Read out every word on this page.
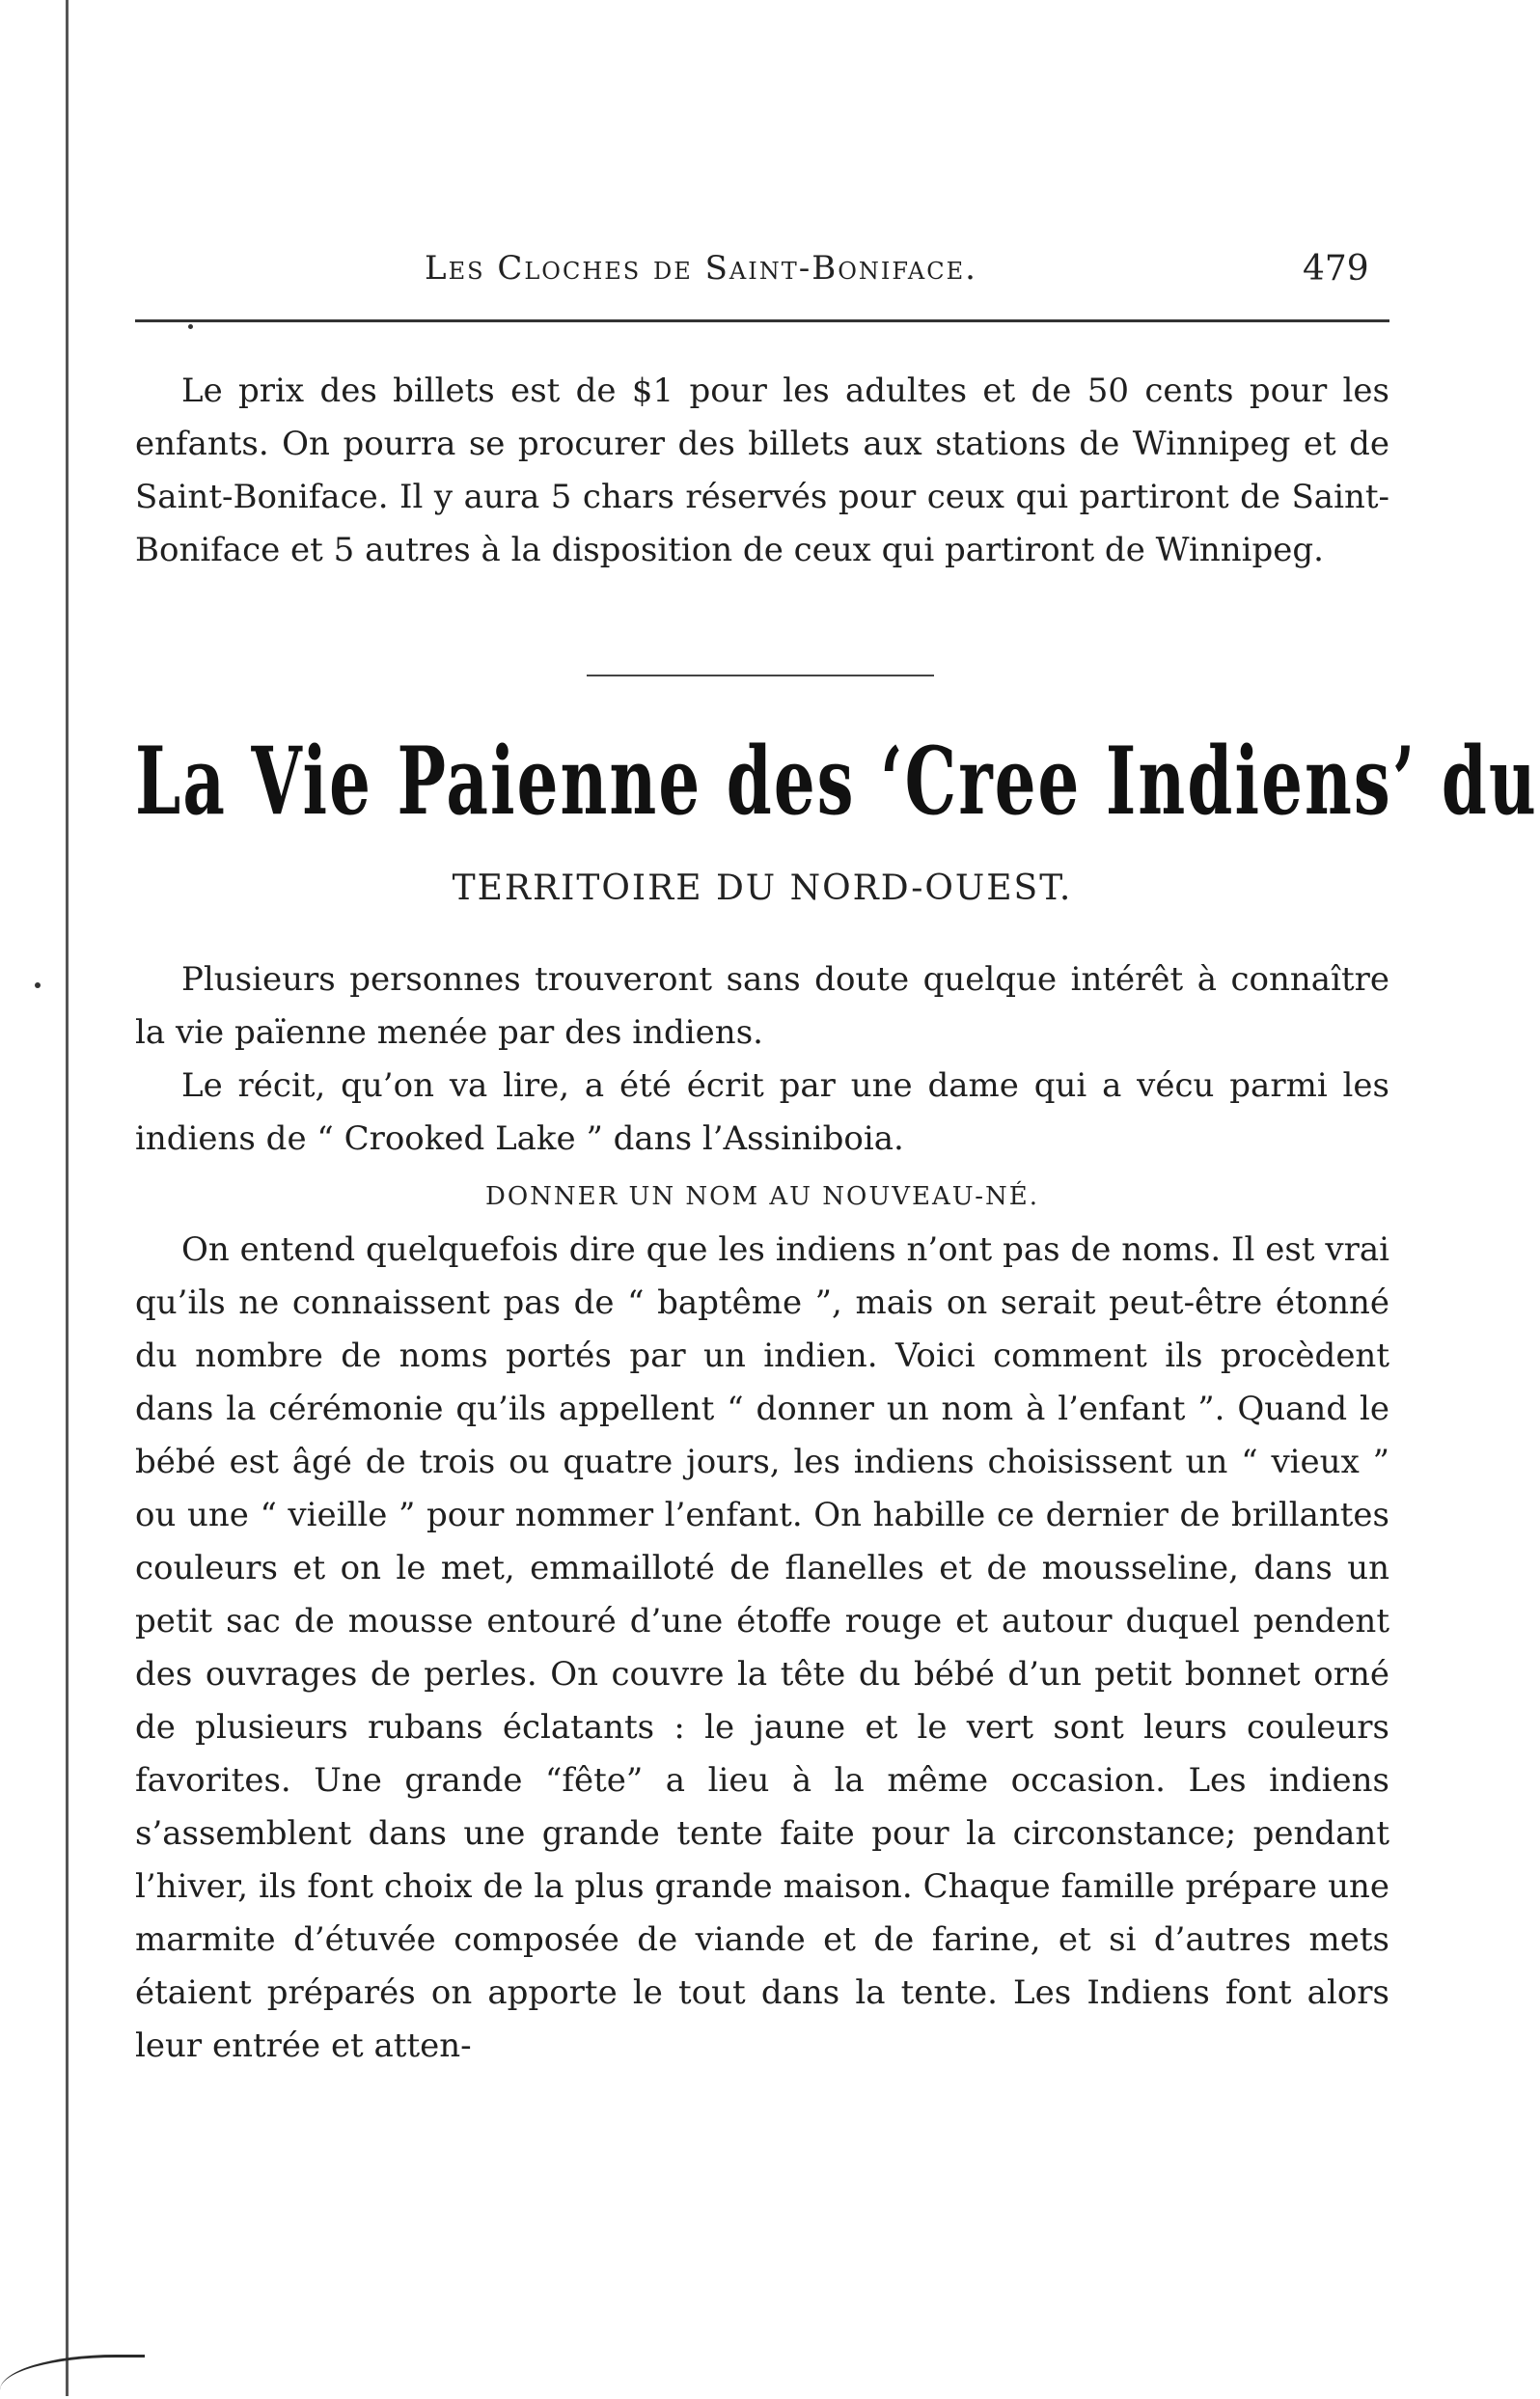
Les Cloches de Saint-Boniface.	479

Le prix des billets est de $1 pour les adultes et de 50 cents pour les enfants. On pourra se procurer des billets aux stations de Winnipeg et de Saint-Boniface. Il y aura 5 chars réservés pour ceux qui partiront de Saint-Boniface et 5 autres à la disposition de ceux qui partiront de Winnipeg.

La Vie Paienne des ‘Cree Indiens’ du
TERRITOIRE DU NORD-OUEST.

Plusieurs personnes trouveront sans doute quelque intérêt à connaître la vie païenne menée par des indiens.

Le récit, qu’on va lire, a été écrit par une dame qui a vécu parmi les indiens de “ Crooked Lake ” dans l’Assiniboia.

DONNER UN NOM AU NOUVEAU-NÉ.

On entend quelquefois dire que les indiens n’ont pas de noms. Il est vrai qu’ils ne connaissent pas de “ baptême ”, mais on serait peut-être étonné du nombre de noms portés par un indien. Voici comment ils procèdent dans la cérémonie qu’ils appellent “ donner un nom à l’enfant ”. Quand le bébé est âgé de trois ou quatre jours, les indiens choisissent un “ vieux ” ou une “ vieille ” pour nommer l’enfant. On habille ce dernier de brillantes couleurs et on le met, emmailloté de flanelles et de mousseline, dans un petit sac de mousse entouré d’une étoffe rouge et autour duquel pendent des ouvrages de perles. On couvre la tête du bébé d’un petit bonnet orné de plusieurs rubans éclatants : le jaune et le vert sont leurs couleurs favorites. Une grande “fête” a lieu à la même occasion. Les indiens s’assemblent dans une grande tente faite pour la circonstance; pendant l’hiver, ils font choix de la plus grande maison. Chaque famille prépare une marmite d’étuvée composée de viande et de farine, et si d’autres mets étaient préparés on apporte le tout dans la tente. Les Indiens font alors leur entrée et atten-
